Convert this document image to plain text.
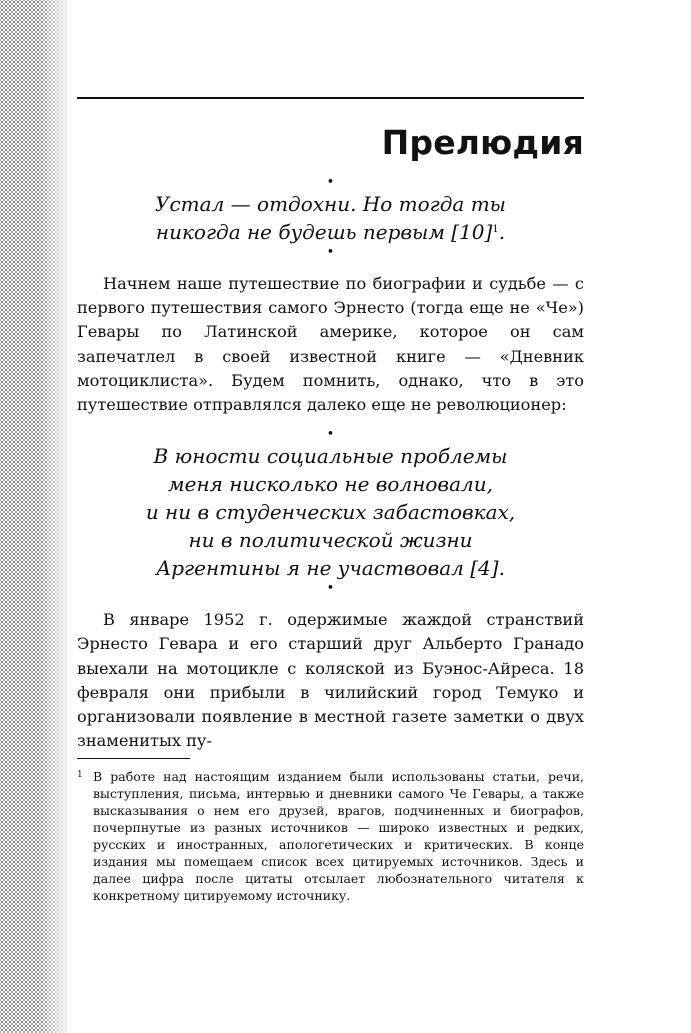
Прелюдия

•

Устал — отдохни. Но тогда ты
никогда не будешь первым $[10]^1$.

•

Начнем наше путешествие по биографии и судьбе — с первого путешествия самого Эрнесто (тогда еще не «Че») Гевары по Латинской америке, которое он сам запечатлел в своей известной книге — «Дневник мотоциклиста». Будем помнить, однако, что в это путешествие отправлялся далеко еще не революционер:

•

В юности социальные проблемы
меня нисколько не волновали,
и ни в студенческих забастовках,
ни в политической жизни
Аргентины я не участвовал [4].

•

В январе 1952 г. одержимые жаждой странствий Эрнесто Гевара и его старший друг Альберто Гранадо выехали на мотоцикле с коляской из Буэнос-Айреса. 18 февраля они прибыли в чилийский город Темуко и организовали появление в местной газете заметки о двух знаменитых пу-

1 В работе над настоящим изданием были использованы статьи, речи, выступления, письма, интервью и дневники самого Че Гевары, а также высказывания о нем его друзей, врагов, подчиненных и биографов, почерпнутые из разных источников — широко известных и редких, русских и иностранных, апологетических и критических. В конце издания мы помещаем список всех цитируемых источников. Здесь и далее цифра после цитаты отсылает любознательного читателя к конкретному цитируемому источнику.
